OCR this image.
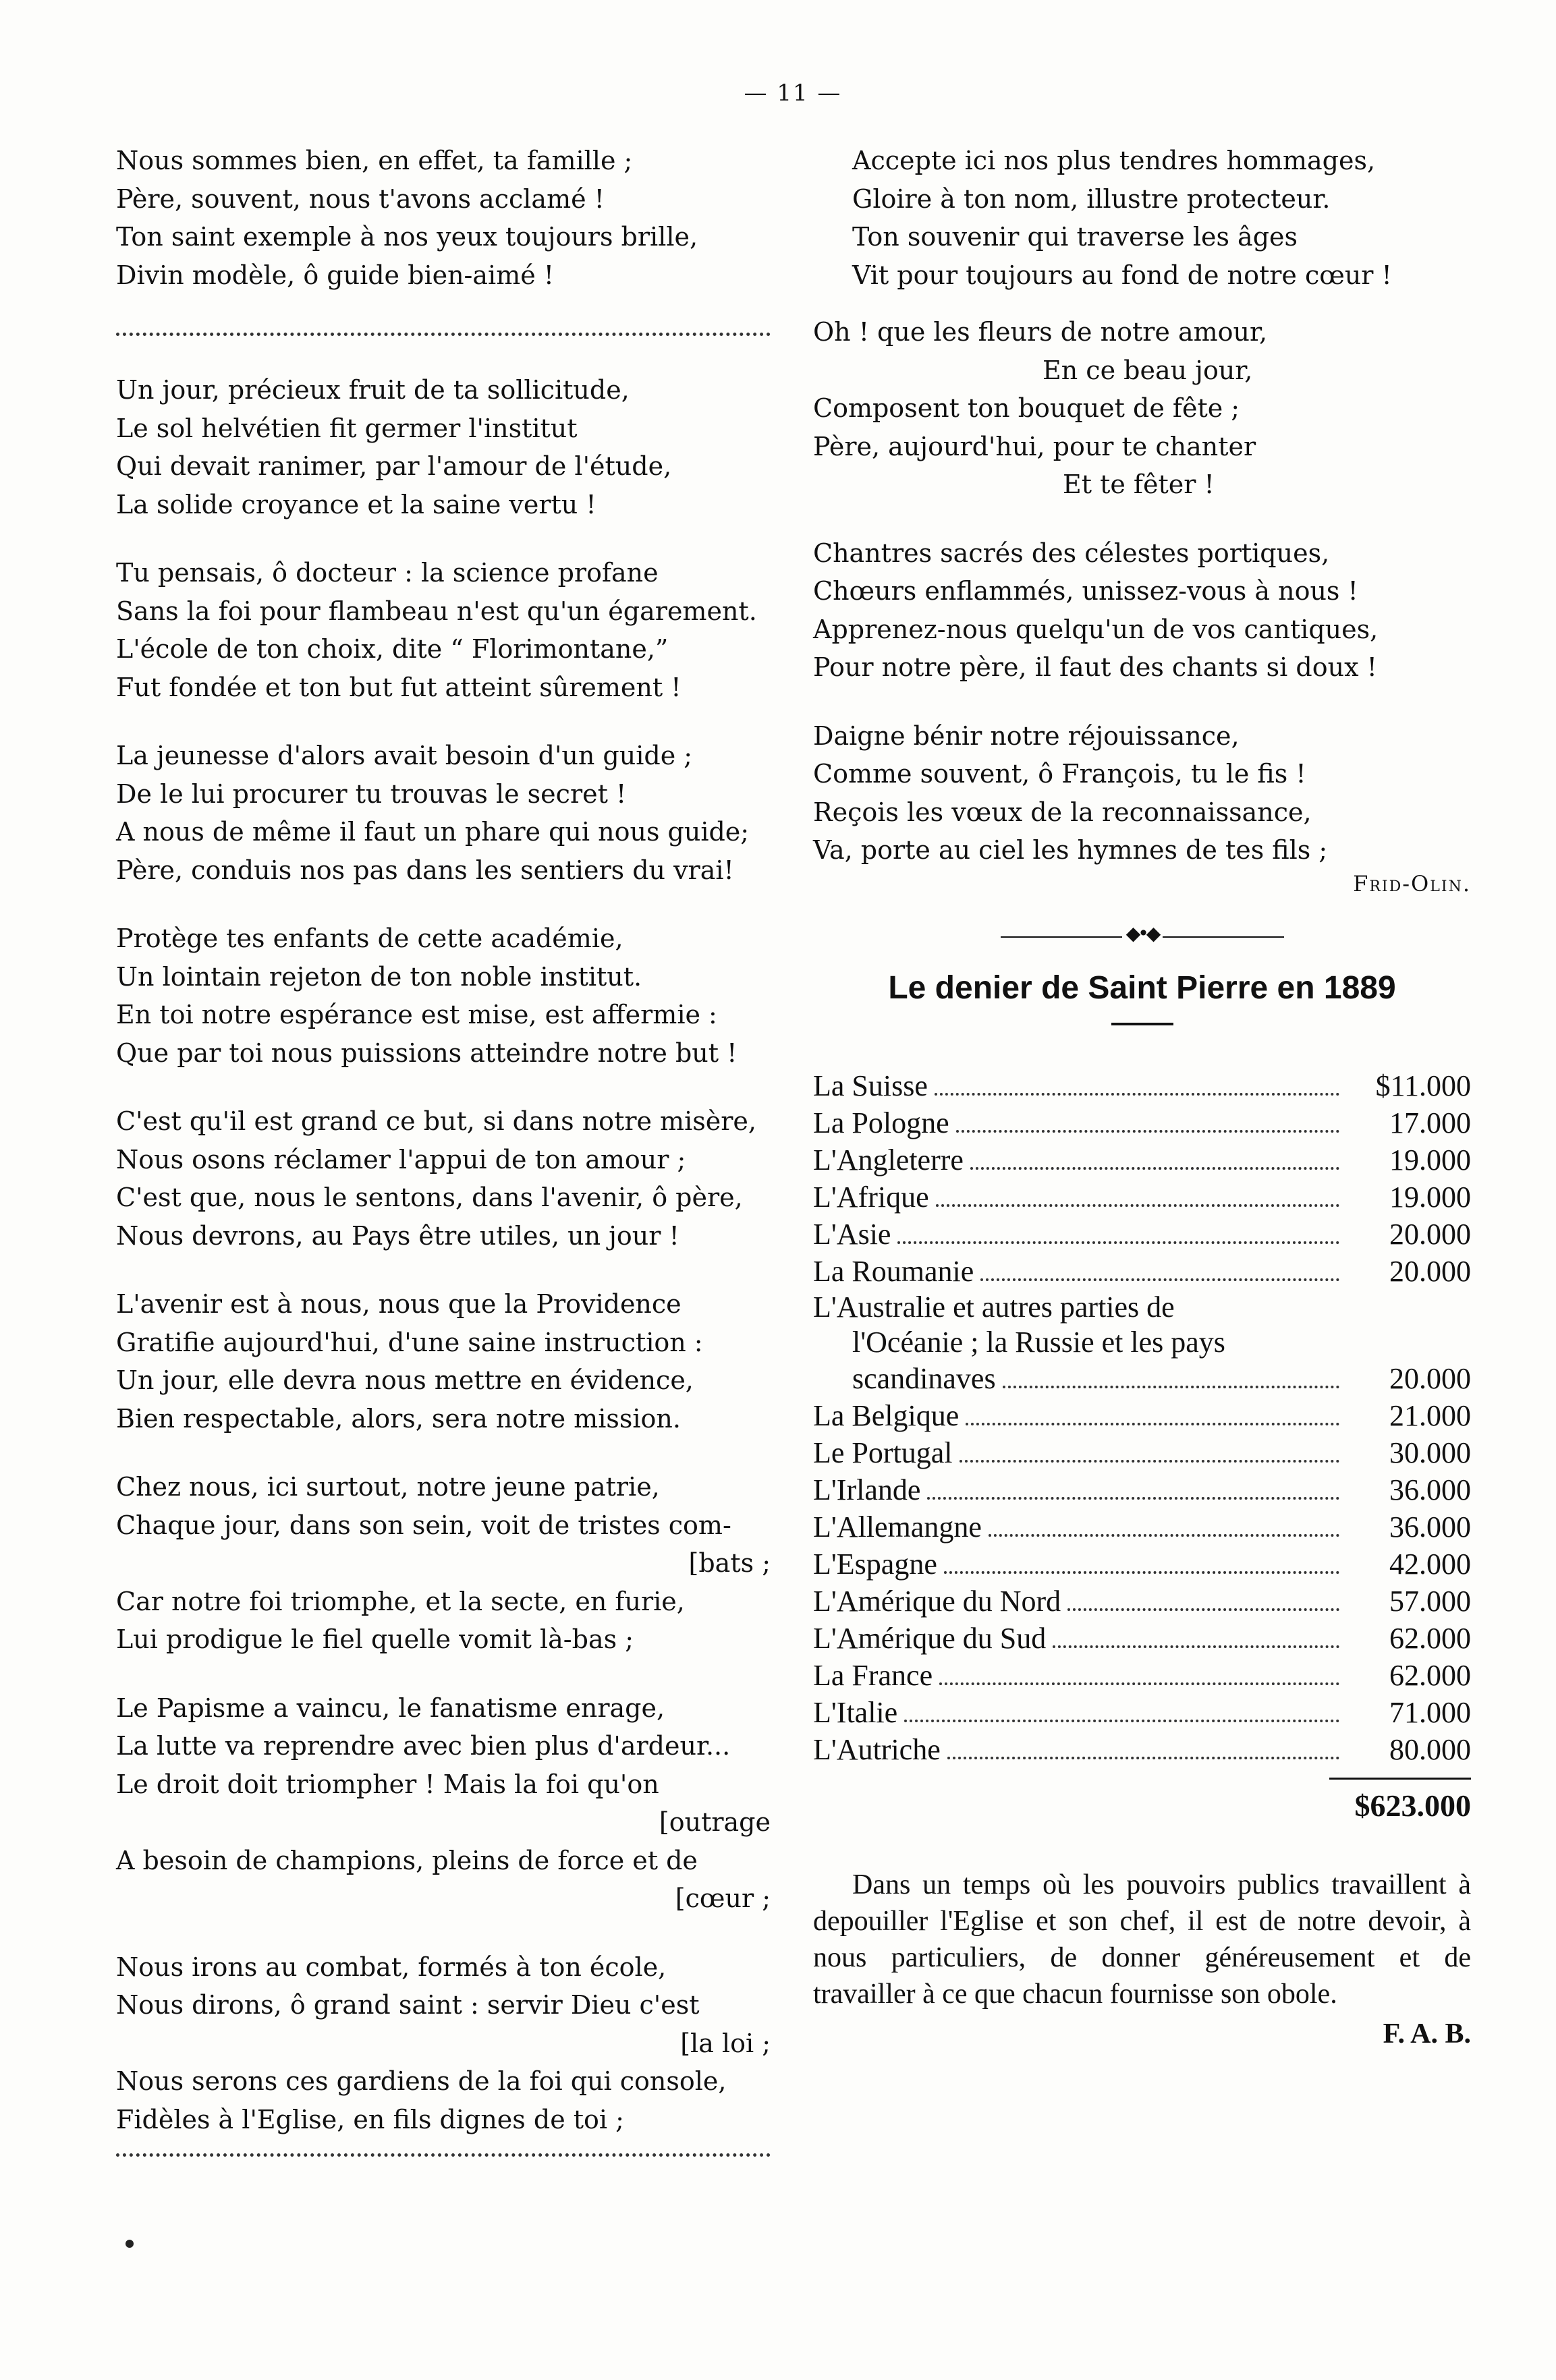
— 11 —
Nous sommes bien, en effet, ta famille ;
Père, souvent, nous t'avons acclamé !
Ton saint exemple à nos yeux toujours brille,
Divin modèle, ô guide bien-aimé !
Un jour, précieux fruit de ta sollicitude,
Le sol helvétien fit germer l'institut
Qui devait ranimer, par l'amour de l'étude,
La solide croyance et la saine vertu !
Tu pensais, ô docteur : la science profane
Sans la foi pour flambeau n'est qu'un égarement.
L'école de ton choix, dite “ Florimontane,”
Fut fondée et ton but fut atteint sûrement !
La jeunesse d'alors avait besoin d'un guide ;
De le lui procurer tu trouvas le secret !
A nous de même il faut un phare qui nous guide;
Père, conduis nos pas dans les sentiers du vrai!
Protège tes enfants de cette académie,
Un lointain rejeton de ton noble institut.
En toi notre espérance est mise, est affermie :
Que par toi nous puissions atteindre notre but !
C'est qu'il est grand ce but, si dans notre misère,
Nous osons réclamer l'appui de ton amour ;
C'est que, nous le sentons, dans l'avenir, ô père,
Nous devrons, au Pays être utiles, un jour !
L'avenir est à nous, nous que la Providence
Gratifie aujourd'hui, d'une saine instruction :
Un jour, elle devra nous mettre en évidence,
Bien respectable, alors, sera notre mission.
Chez nous, ici surtout, notre jeune patrie,
Chaque jour, dans son sein, voit de tristes com-
[bats ;
Car notre foi triomphe, et la secte, en furie,
Lui prodigue le fiel quelle vomit là-bas ;
Le Papisme a vaincu, le fanatisme enrage,
La lutte va reprendre avec bien plus d'ardeur...
Le droit doit triompher ! Mais la foi qu'on
[outrage
A besoin de champions, pleins de force et de
[cœur ;
Nous irons au combat, formés à ton école,
Nous dirons, ô grand saint : servir Dieu c'est
[la loi ;
Nous serons ces gardiens de la foi qui console,
Fidèles à l'Eglise, en fils dignes de toi ;
Accepte ici nos plus tendres hommages,
Gloire à ton nom, illustre protecteur.
Ton souvenir qui traverse les âges
Vit pour toujours au fond de notre cœur !
Oh ! que les fleurs de notre amour,
En ce beau jour,
Composent ton bouquet de fête ;
Père, aujourd'hui, pour te chanter
Et te fêter !
Chantres sacrés des célestes portiques,
Chœurs enflammés, unissez-vous à nous !
Apprenez-nous quelqu'un de vos cantiques,
Pour notre père, il faut des chants si doux !
Daigne bénir notre réjouissance,
Comme souvent, ô François, tu le fis !
Reçois les vœux de la reconnaissance,
Va, porte au ciel les hymnes de tes fils ;
Frid-Olin.
◆•◆
Le denier de Saint Pierre en 1889
La Suisse	$11.000
La Pologne	17.000
L'Angleterre	19.000
L'Afrique	19.000
L'Asie	20.000
La Roumanie	20.000
L'Australie et autres parties de
l'Océanie ; la Russie et les pays
scandinaves	20.000
La Belgique	21.000
Le Portugal	30.000
L'Irlande	36.000
L'Allemangne	36.000
L'Espagne	42.000
L'Amérique du Nord	57.000
L'Amérique du Sud	62.000
La France	62.000
L'Italie	71.000
L'Autriche	80.000
$623.000

Dans un temps où les pouvoirs publics travaillent à depouiller l'Eglise et son chef, il est de notre devoir, à nous particuliers, de donner généreusement et de travailler à ce que chacun fournisse son obole.

F. A. B.
